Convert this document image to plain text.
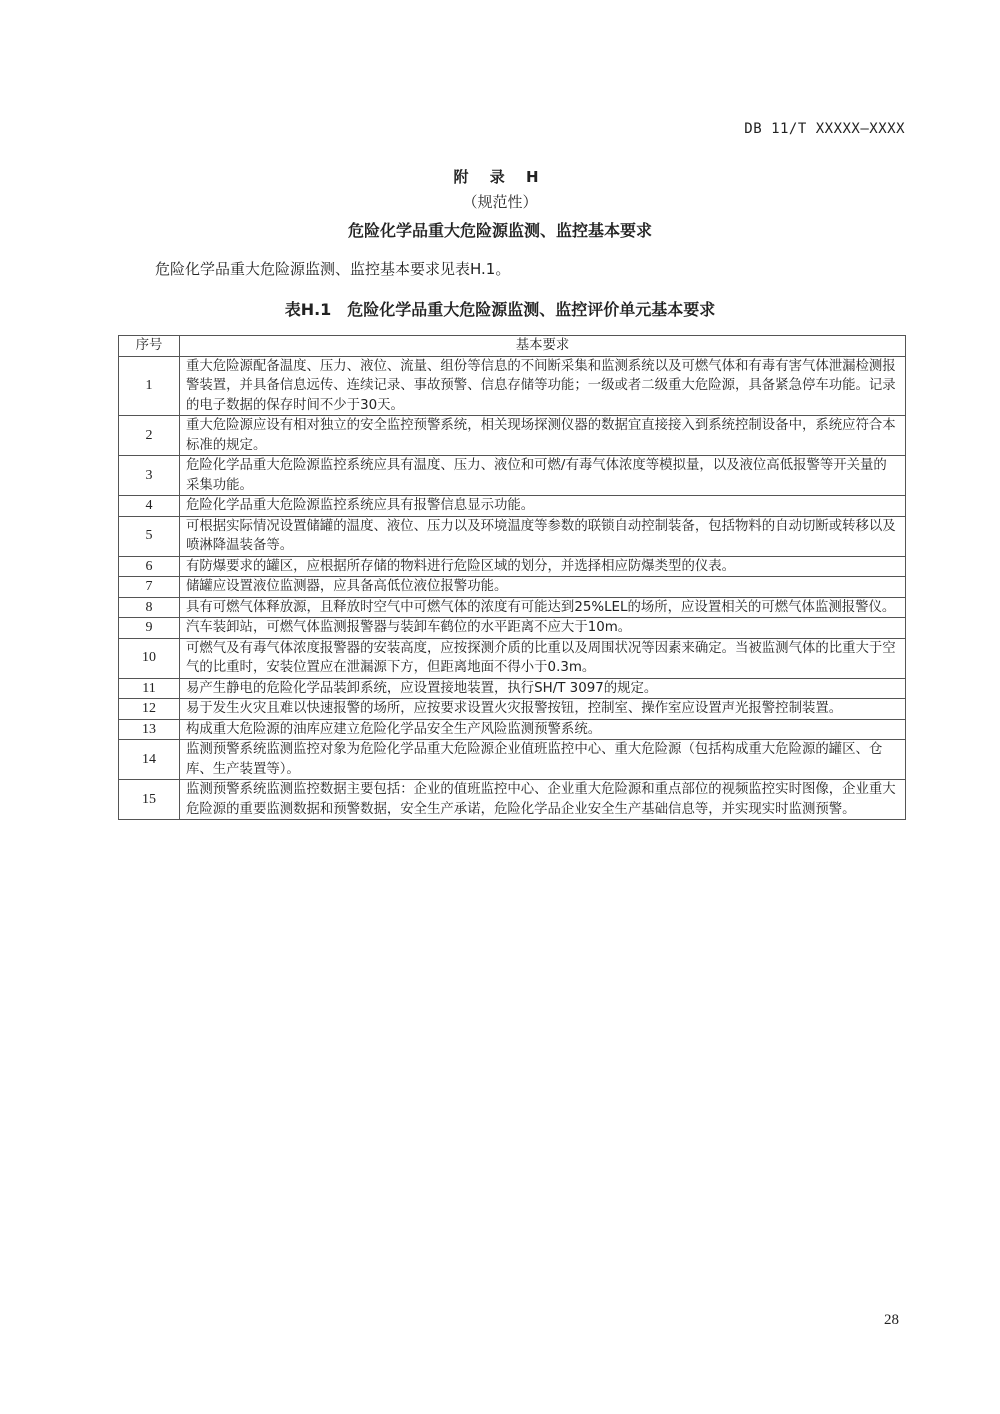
DB 11/T XXXXX—XXXX
附 录 H
（规范性）
危险化学品重大危险源监测、监控基本要求
危险化学品重大危险源监测、监控基本要求见表H.1。
表H.1　危险化学品重大危险源监测、监控评价单元基本要求
序号	基本要求
1	重大危险源配备温度、压力、液位、流量、组份等信息的不间断采集和监测系统以及可燃气体和有毒有害气体泄漏检测报警装置，并具备信息远传、连续记录、事故预警、信息存储等功能；一级或者二级重大危险源，具备紧急停车功能。记录的电子数据的保存时间不少于30天。
2	重大危险源应设有相对独立的安全监控预警系统，相关现场探测仪器的数据宜直接接入到系统控制设备中，系统应符合本标准的规定。
3	危险化学品重大危险源监控系统应具有温度、压力、液位和可燃/有毒气体浓度等模拟量，以及液位高低报警等开关量的采集功能。
4	危险化学品重大危险源监控系统应具有报警信息显示功能。
5	可根据实际情况设置储罐的温度、液位、压力以及环境温度等参数的联锁自动控制装备，包括物料的自动切断或转移以及喷淋降温装备等。
6	有防爆要求的罐区，应根据所存储的物料进行危险区域的划分，并选择相应防爆类型的仪表。
7	储罐应设置液位监测器，应具备高低位液位报警功能。
8	具有可燃气体释放源，且释放时空气中可燃气体的浓度有可能达到25%LEL的场所，应设置相关的可燃气体监测报警仪。
9	汽车装卸站，可燃气体监测报警器与装卸车鹤位的水平距离不应大于10m。
10	可燃气及有毒气体浓度报警器的安装高度，应按探测介质的比重以及周围状况等因素来确定。当被监测气体的比重大于空气的比重时，安装位置应在泄漏源下方，但距离地面不得小于0.3m。
11	易产生静电的危险化学品装卸系统，应设置接地装置，执行SH/T 3097的规定。
12	易于发生火灾且难以快速报警的场所，应按要求设置火灾报警按钮，控制室、操作室应设置声光报警控制装置。
13	构成重大危险源的油库应建立危险化学品安全生产风险监测预警系统。
14	监测预警系统监测监控对象为危险化学品重大危险源企业值班监控中心、重大危险源（包括构成重大危险源的罐区、仓库、生产装置等）。
15	监测预警系统监测监控数据主要包括：企业的值班监控中心、企业重大危险源和重点部位的视频监控实时图像，企业重大危险源的重要监测数据和预警数据，安全生产承诺，危险化学品企业安全生产基础信息等，并实现实时监测预警。
28
